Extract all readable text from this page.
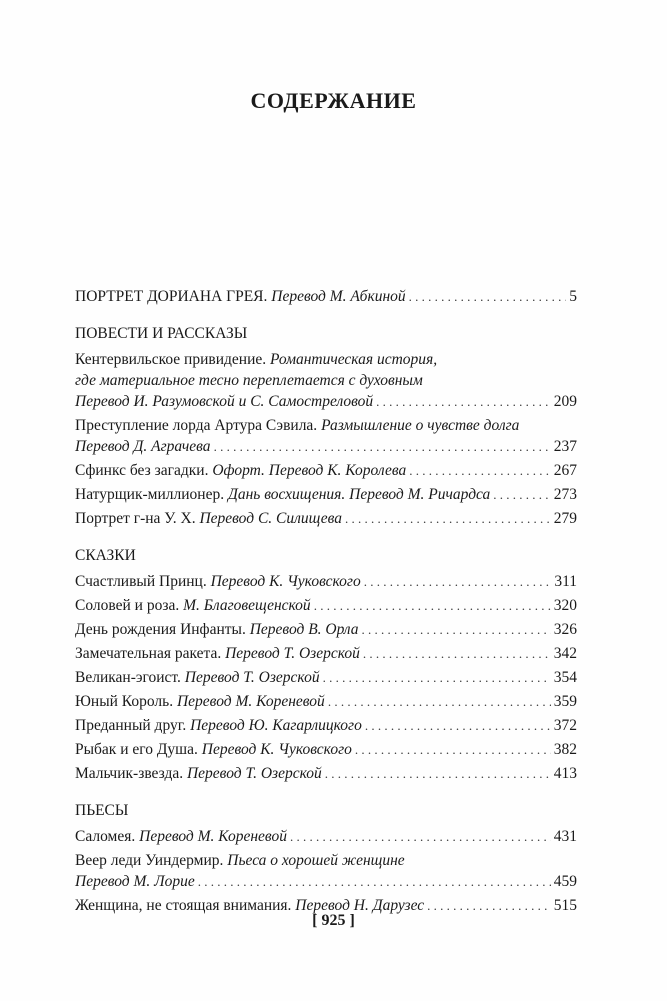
СОДЕРЖАНИЕ
ПОРТРЕТ ДОРИАНА ГРЕЯ. Перевод М. Абкиной . . .	5
ПОВЕСТИ И РАССКАЗЫ
Кентервильское привидение. Романтическая история,
где материальное тесно переплетается с духовным
Перевод И. Разумовской и С. Самостреловой . . .	209
Преступление лорда Артура Сэвила. Размышление о чувстве долга
Перевод Д. Аграчева . . .	237
Сфинкс без загадки. Офорт. Перевод К. Королева . . .	267
Натурщик-миллионер. Дань восхищения. Перевод М. Ричардса . . .	273
Портрет г-на У. Х. Перевод С. Силищева . . .	279
СКАЗКИ
Счастливый Принц. Перевод К. Чуковского . . .	311
Соловей и роза. М. Благовещенской . . .	320
День рождения Инфанты. Перевод В. Орла . . .	326
Замечательная ракета. Перевод Т. Озерской . . .	342
Великан-эгоист. Перевод Т. Озерской . . .	354
Юный Король. Перевод М. Кореневой . . .	359
Преданный друг. Перевод Ю. Кагарлицкого . . .	372
Рыбак и его Душа. Перевод К. Чуковского . . .	382
Мальчик-звезда. Перевод Т. Озерской . . .	413
ПЬЕСЫ
Саломея. Перевод М. Кореневой . . .	431
Веер леди Уиндермир. Пьеса о хорошей женщине
Перевод М. Лорие . . .	459
Женщина, не стоящая внимания. Перевод Н. Дарузес . . .	515
[ 925 ]
